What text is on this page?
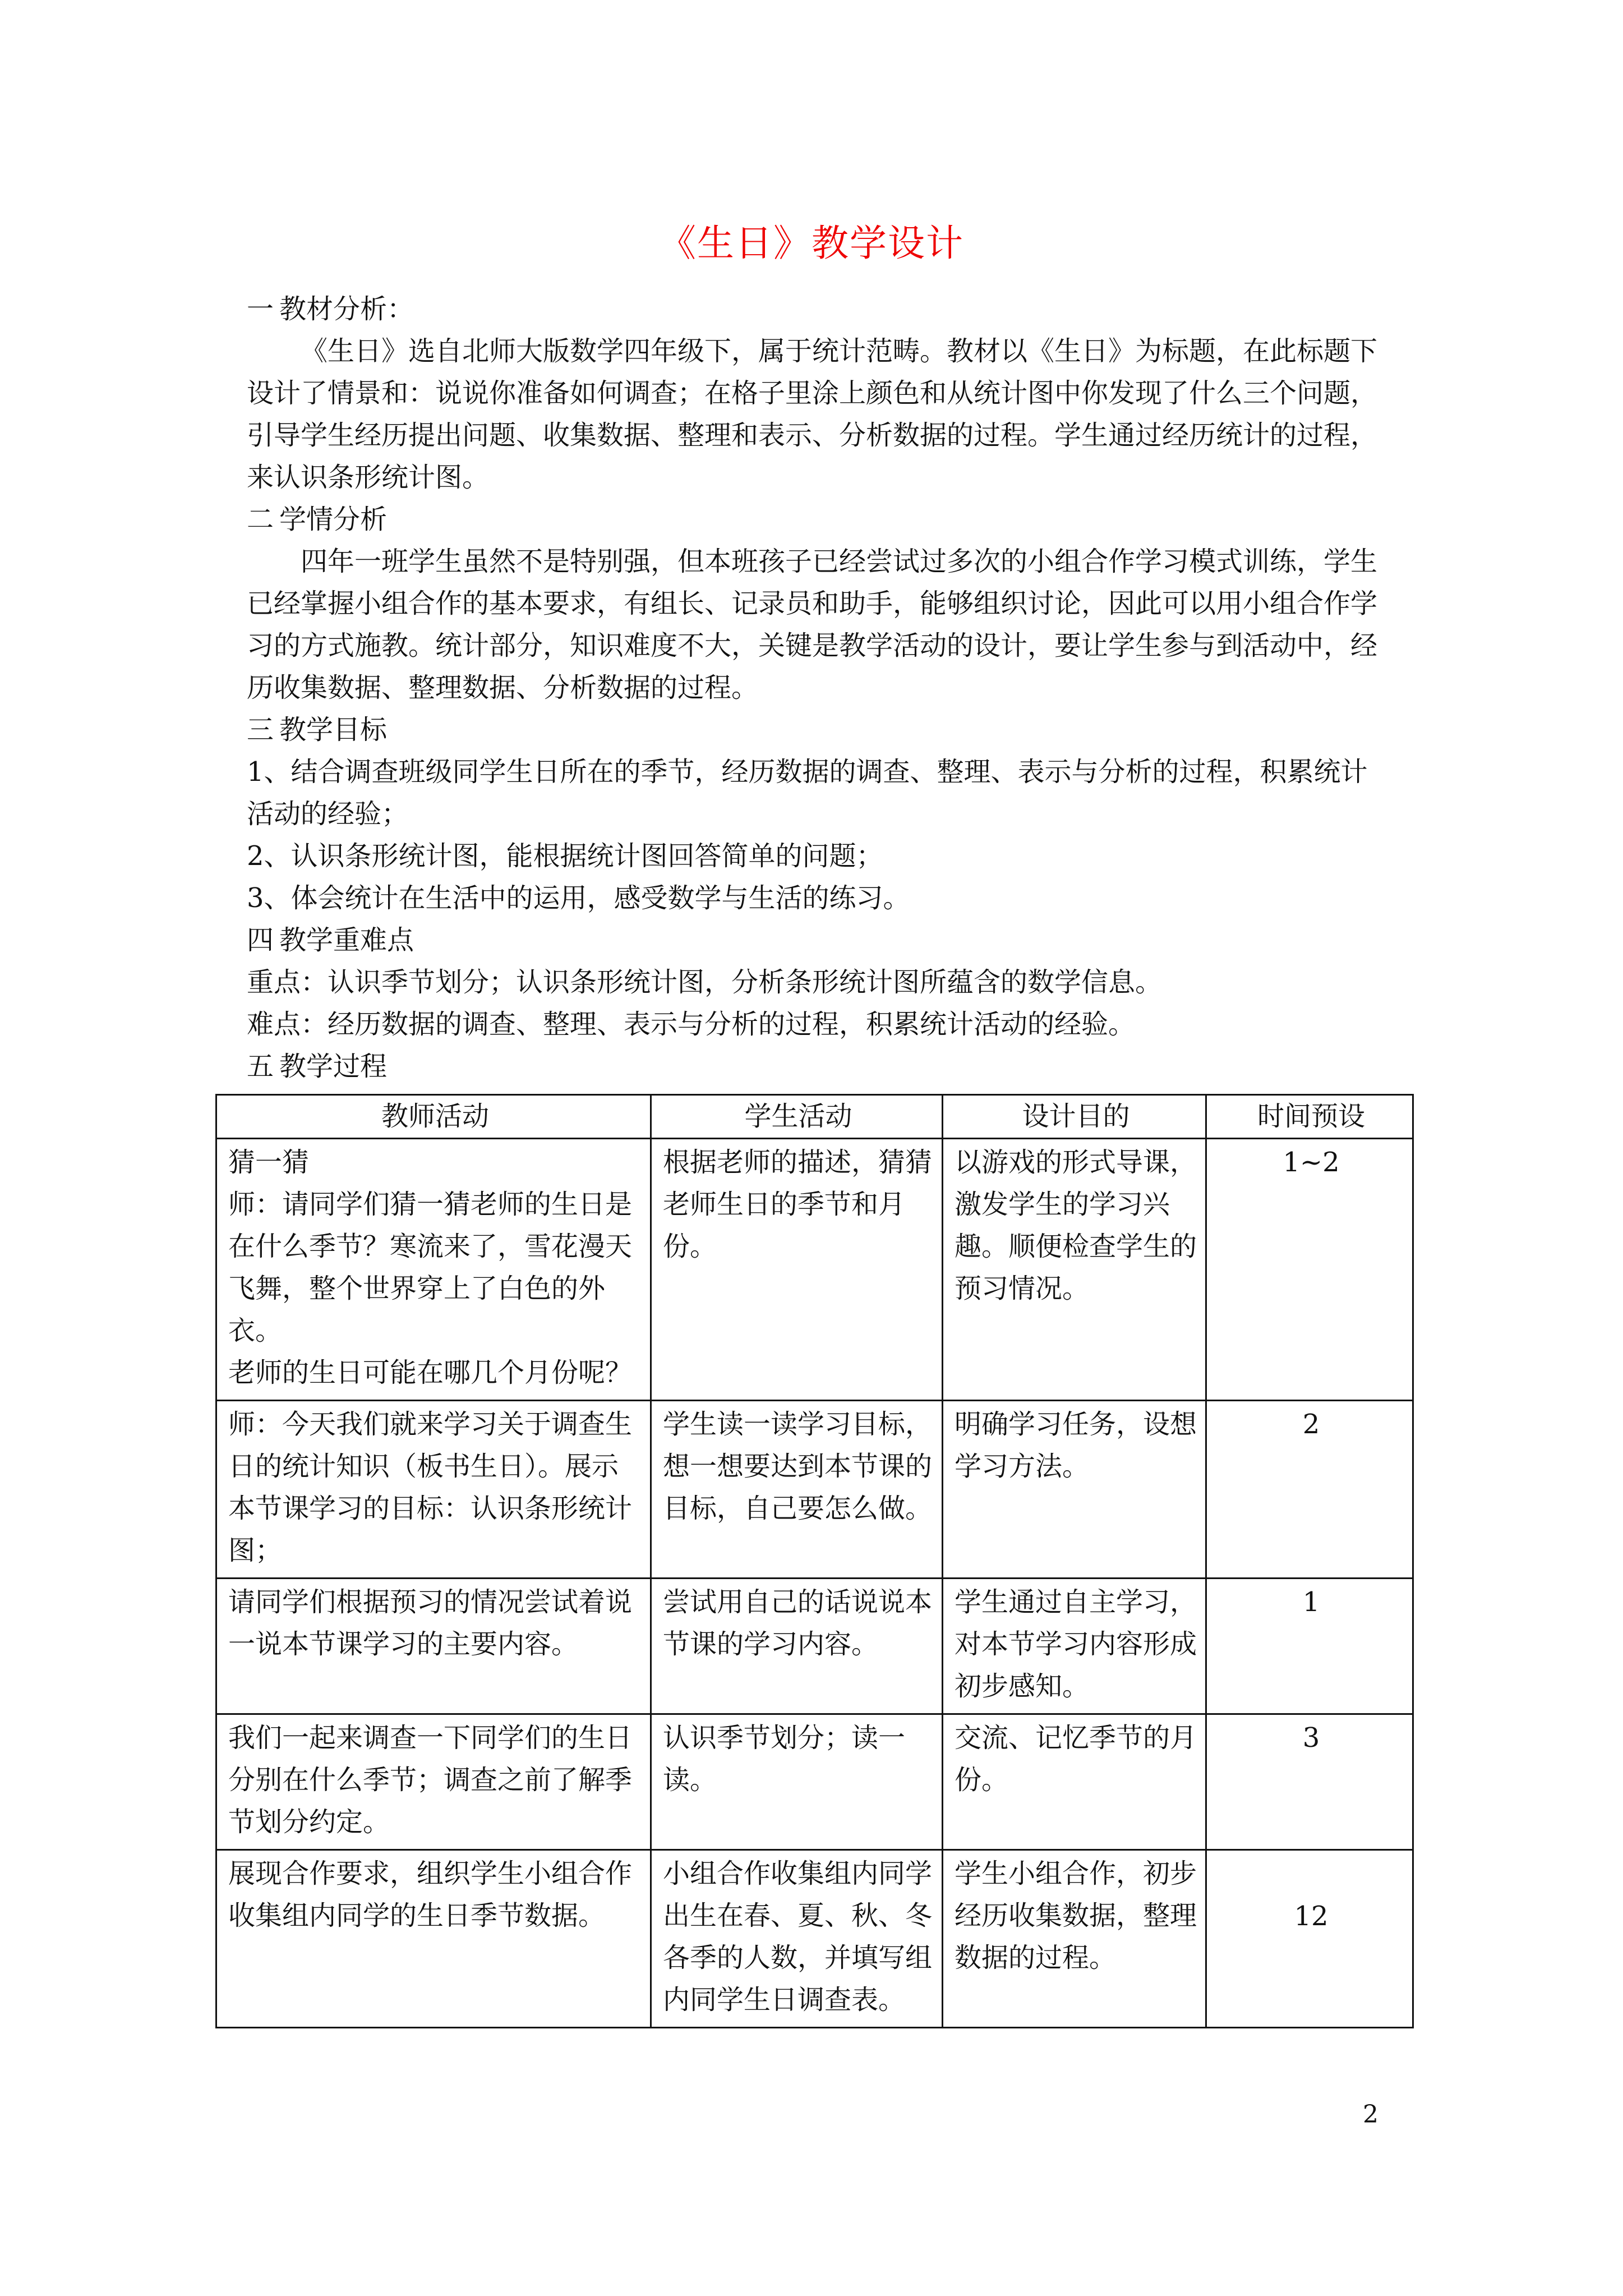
《生日》教学设计

一 教材分析：

《生日》选自北师大版数学四年级下，属于统计范畴。教材以《生日》为标题，在此标题下设计了情景和：说说你准备如何调查；在格子里涂上颜色和从统计图中你发现了什么三个问题，引导学生经历提出问题、收集数据、整理和表示、分析数据的过程。学生通过经历统计的过程，来认识条形统计图。

二 学情分析

四年一班学生虽然不是特别强，但本班孩子已经尝试过多次的小组合作学习模式训练，学生已经掌握小组合作的基本要求，有组长、记录员和助手，能够组织讨论，因此可以用小组合作学习的方式施教。统计部分，知识难度不大，关键是教学活动的设计，要让学生参与到活动中，经历收集数据、整理数据、分析数据的过程。

三 教学目标

1、结合调查班级同学生日所在的季节，经历数据的调查、整理、表示与分析的过程，积累统计活动的经验；

2、认识条形统计图，能根据统计图回答简单的问题；

3、体会统计在生活中的运用，感受数学与生活的练习。

四 教学重难点

重点：认识季节划分；认识条形统计图，分析条形统计图所蕴含的数学信息。

难点：经历数据的调查、整理、表示与分析的过程，积累统计活动的经验。

五 教学过程

教师活动	学生活动	设计目的	时间预设

猜一猜
师：请同学们猜一猜老师的生日是在什么季节？寒流来了，雪花漫天飞舞，整个世界穿上了白色的外衣。
老师的生日可能在哪几个月份呢？	根据老师的描述，猜猜老师生日的季节和月份。	以游戏的形式导课，激发学生的学习兴趣。顺便检查学生的预习情况。	1~2

师：今天我们就来学习关于调查生日的统计知识（板书生日）。展示本节课学习的目标：认识条形统计图；	学生读一读学习目标，想一想要达到本节课的目标，自己要怎么做。	明确学习任务，设想学习方法。	2

请同学们根据预习的情况尝试着说一说本节课学习的主要内容。	尝试用自己的话说说本节课的学习内容。	学生通过自主学习，对本节学习内容形成初步感知。	1

我们一起来调查一下同学们的生日分别在什么季节；调查之前了解季节划分约定。	认识季节划分；读一读。	交流、记忆季节的月份。	3

展现合作要求，组织学生小组合作收集组内同学的生日季节数据。	小组合作收集组内同学出生在春、夏、秋、冬各季的人数，并填写组内同学生日调查表。	学生小组合作，初步经历收集数据，整理数据的过程。	12
2
